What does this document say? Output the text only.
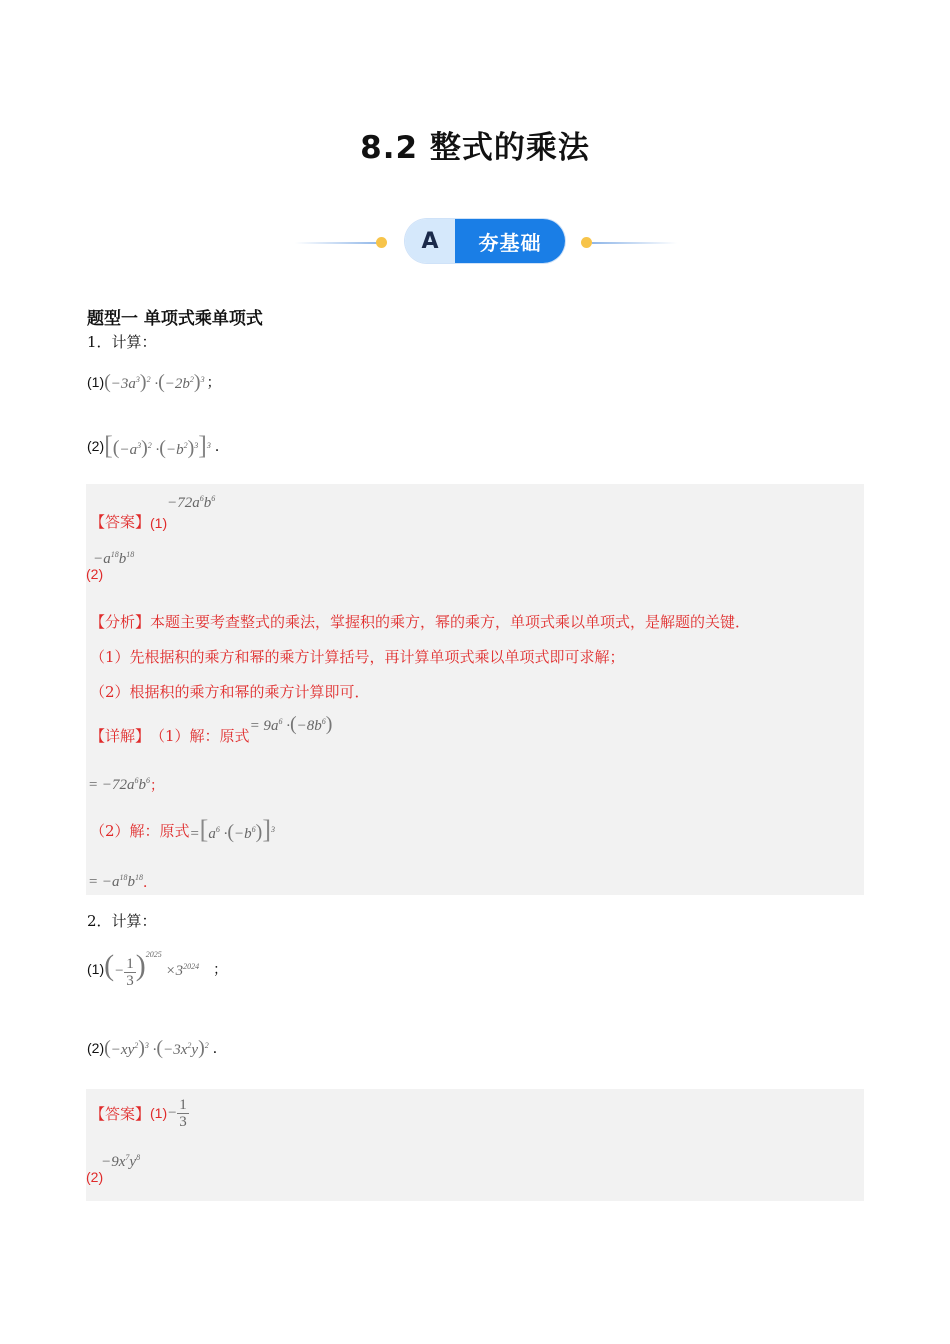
8.2 整式的乘法
A	夯基础
题型一 单项式乘单项式
1．计算：
(1) $(-3a^3)^2 \cdot(-2b^2)^3$ ；
(2) $[(-a^3)^2 \cdot(-b^2)^3]^3$ ．
【答案】 (1)
$-72a^6b^6$
(2)
$-a^{18}b^{18}$
【分析】本题主要考查整式的乘法，掌握积的乘方，幂的乘方，单项式乘以单项式，是解题的关键．
（1）先根据积的乘方和幂的乘方计算括号，再计算单项式乘以单项式即可求解；
（2）根据积的乘方和幂的乘方计算即可．
【详解】 （1）解：原式
= $9a^6 \cdot(-8b^6)$
= $-72a^6b^6$ ；
（2）解：原式 $=[a^6 \cdot(-b^6)]^3$
= $-a^{18}b^{18}$ ．
2．计算：
(1) (− $\frac{1}{3} )^{2025} \times 3^{2024}$ ；
(2) $(-xy^2)^3 \cdot(-3x^2y)^2$ ．
【答案】 $(1) - \frac{1}{3}$
(2)
$-9x^7y^8$
